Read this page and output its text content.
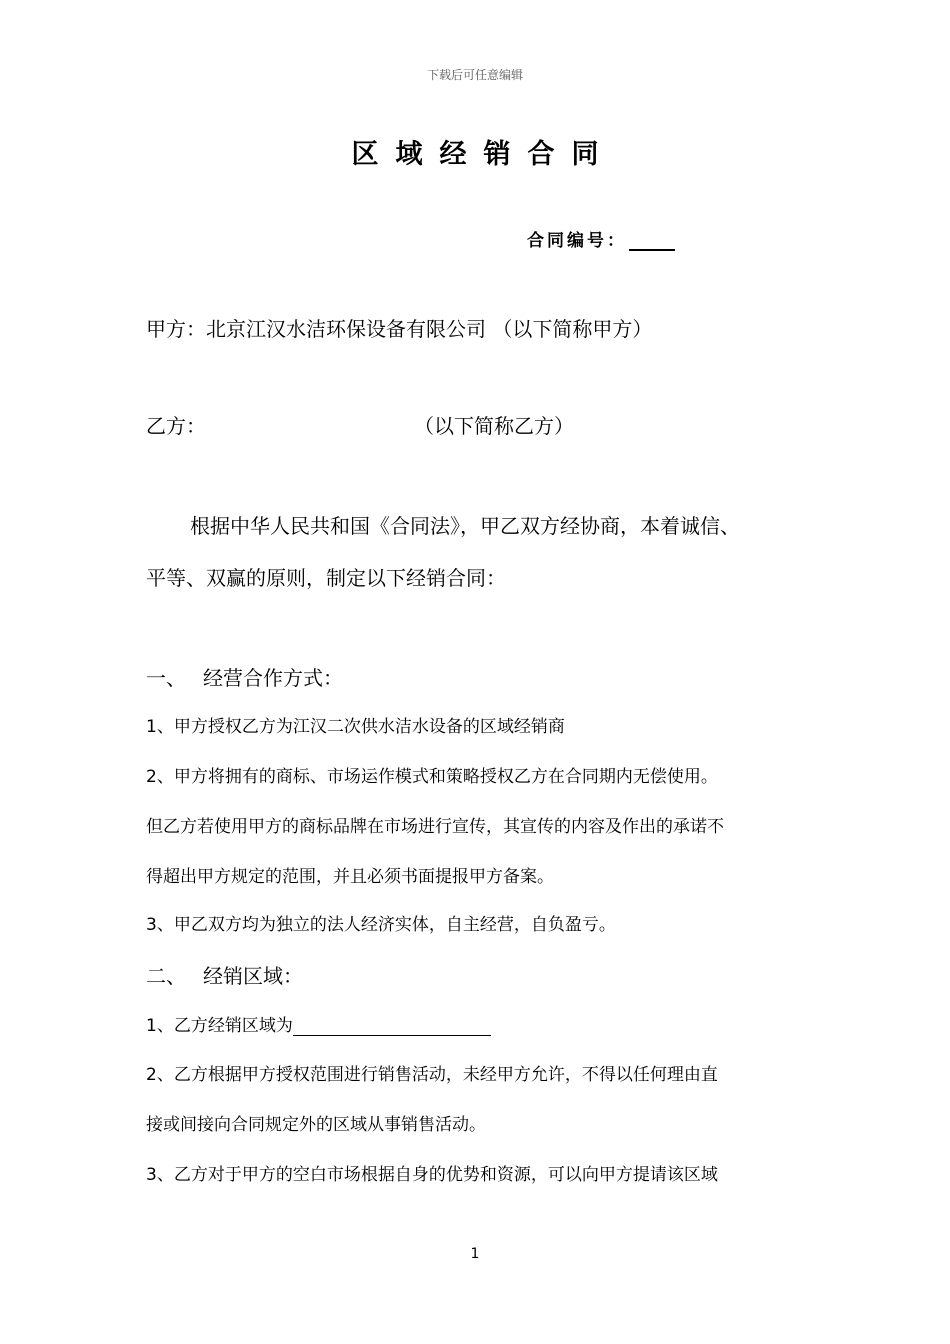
下载后可任意编辑
区域经销合同
合同编号：
甲方：北京江汉水洁环保设备有限公司 （以下简称甲方）
乙方：	（以下简称乙方）
根据中华人民共和国《合同法》，甲乙双方经协商，本着诚信、
平等、双赢的原则，制定以下经销合同：
一、 经营合作方式：
1、甲方授权乙方为江汉二次供水洁水设备的区域经销商
2、甲方将拥有的商标、市场运作模式和策略授权乙方在合同期内无偿使用。
但乙方若使用甲方的商标品牌在市场进行宣传，其宣传的内容及作出的承诺不
得超出甲方规定的范围，并且必须书面提报甲方备案。
3、甲乙双方均为独立的法人经济实体，自主经营，自负盈亏。
二、 经销区域：
1、乙方经销区域为
2、乙方根据甲方授权范围进行销售活动，未经甲方允许，不得以任何理由直
接或间接向合同规定外的区域从事销售活动。
3、乙方对于甲方的空白市场根据自身的优势和资源，可以向甲方提请该区域
1
